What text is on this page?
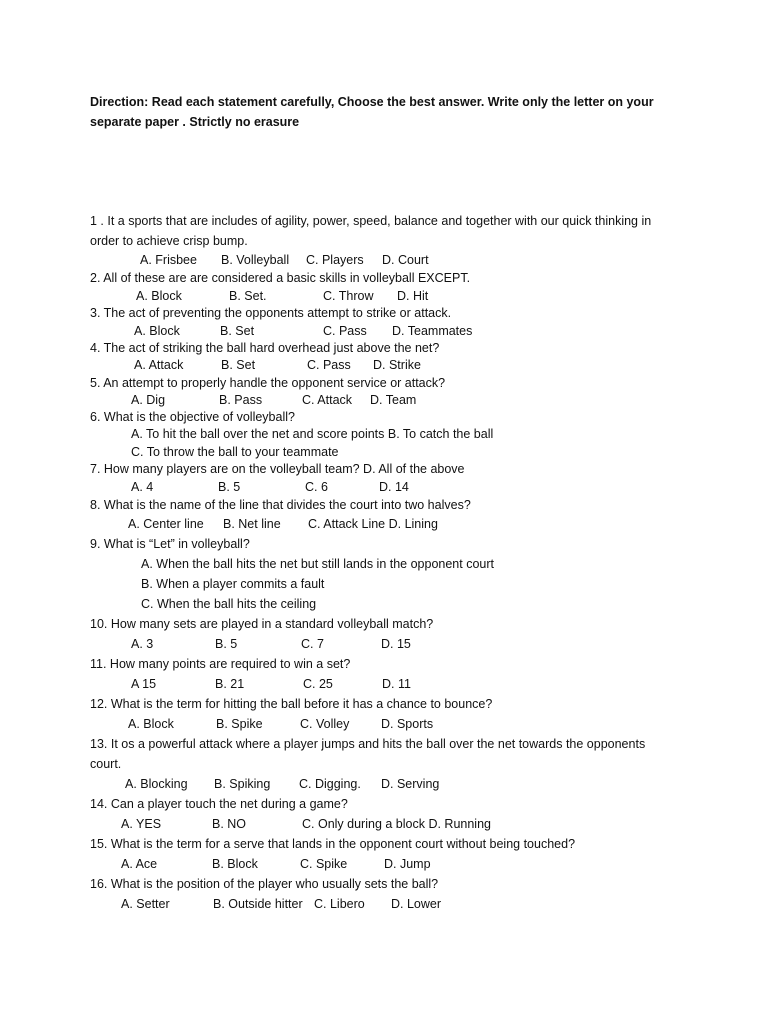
Direction: Read each statement carefully, Choose the best answer. Write only the letter on your separate paper . Strictly no erasure
1 . It a sports that are includes of agility, power, speed, balance and together with our quick thinking in
order to achieve crisp bump.
A. Frisbee B. Volleyball C. Players D. Court
2. All of these are are considered a basic skills in volleyball EXCEPT.
A. Block	B. Set.	C. Throw D. Hit
3. The act of preventing the opponents attempt to strike or attack.
A. Block	B. Set	C. Pass D. Teammates
4. The act of striking the ball hard overhead just above the net?
A. Attack	B. Set	C. Pass D. Strike
5. An attempt to properly handle the opponent service or attack?
A. Dig	B. Pass	C. Attack D. Team
6. What is the objective of volleyball?
A. To hit the ball over the net and score points B. To catch the ball
C. To throw the ball to your teammate
7. How many players are on the volleyball team? D. All of the above
A. 4	B. 5	C. 6	D. 14
8. What is the name of the line that divides the court into two halves?
A. Center line B. Net line C. Attack Line D. Lining
9. What is “Let” in volleyball?
A. When the ball hits the net but still lands in the opponent court
B. When a player commits a fault
C. When the ball hits the ceiling
10. How many sets are played in a standard volleyball match?
A. 3	B. 5	C. 7	D. 15
11. How many points are required to win a set?
A 15	B. 21	C. 25	D. 11
12. What is the term for hitting the ball before it has a chance to bounce?
A. Block	B. Spike	C. Volley	D. Sports
13. It os a powerful attack where a player jumps and hits the ball over the net towards the opponents
court.
A. Blocking B. Spiking C. Digging. D. Serving
14. Can a player touch the net during a game?
A. YES	B. NO	C. Only during a block D. Running
15. What is the term for a serve that lands in the opponent court without being touched?
A. Ace	B. Block	C. Spike	D. Jump
16. What is the position of the player who usually sets the ball?
A. Setter	B. Outside hitter C. Libero D. Lower
